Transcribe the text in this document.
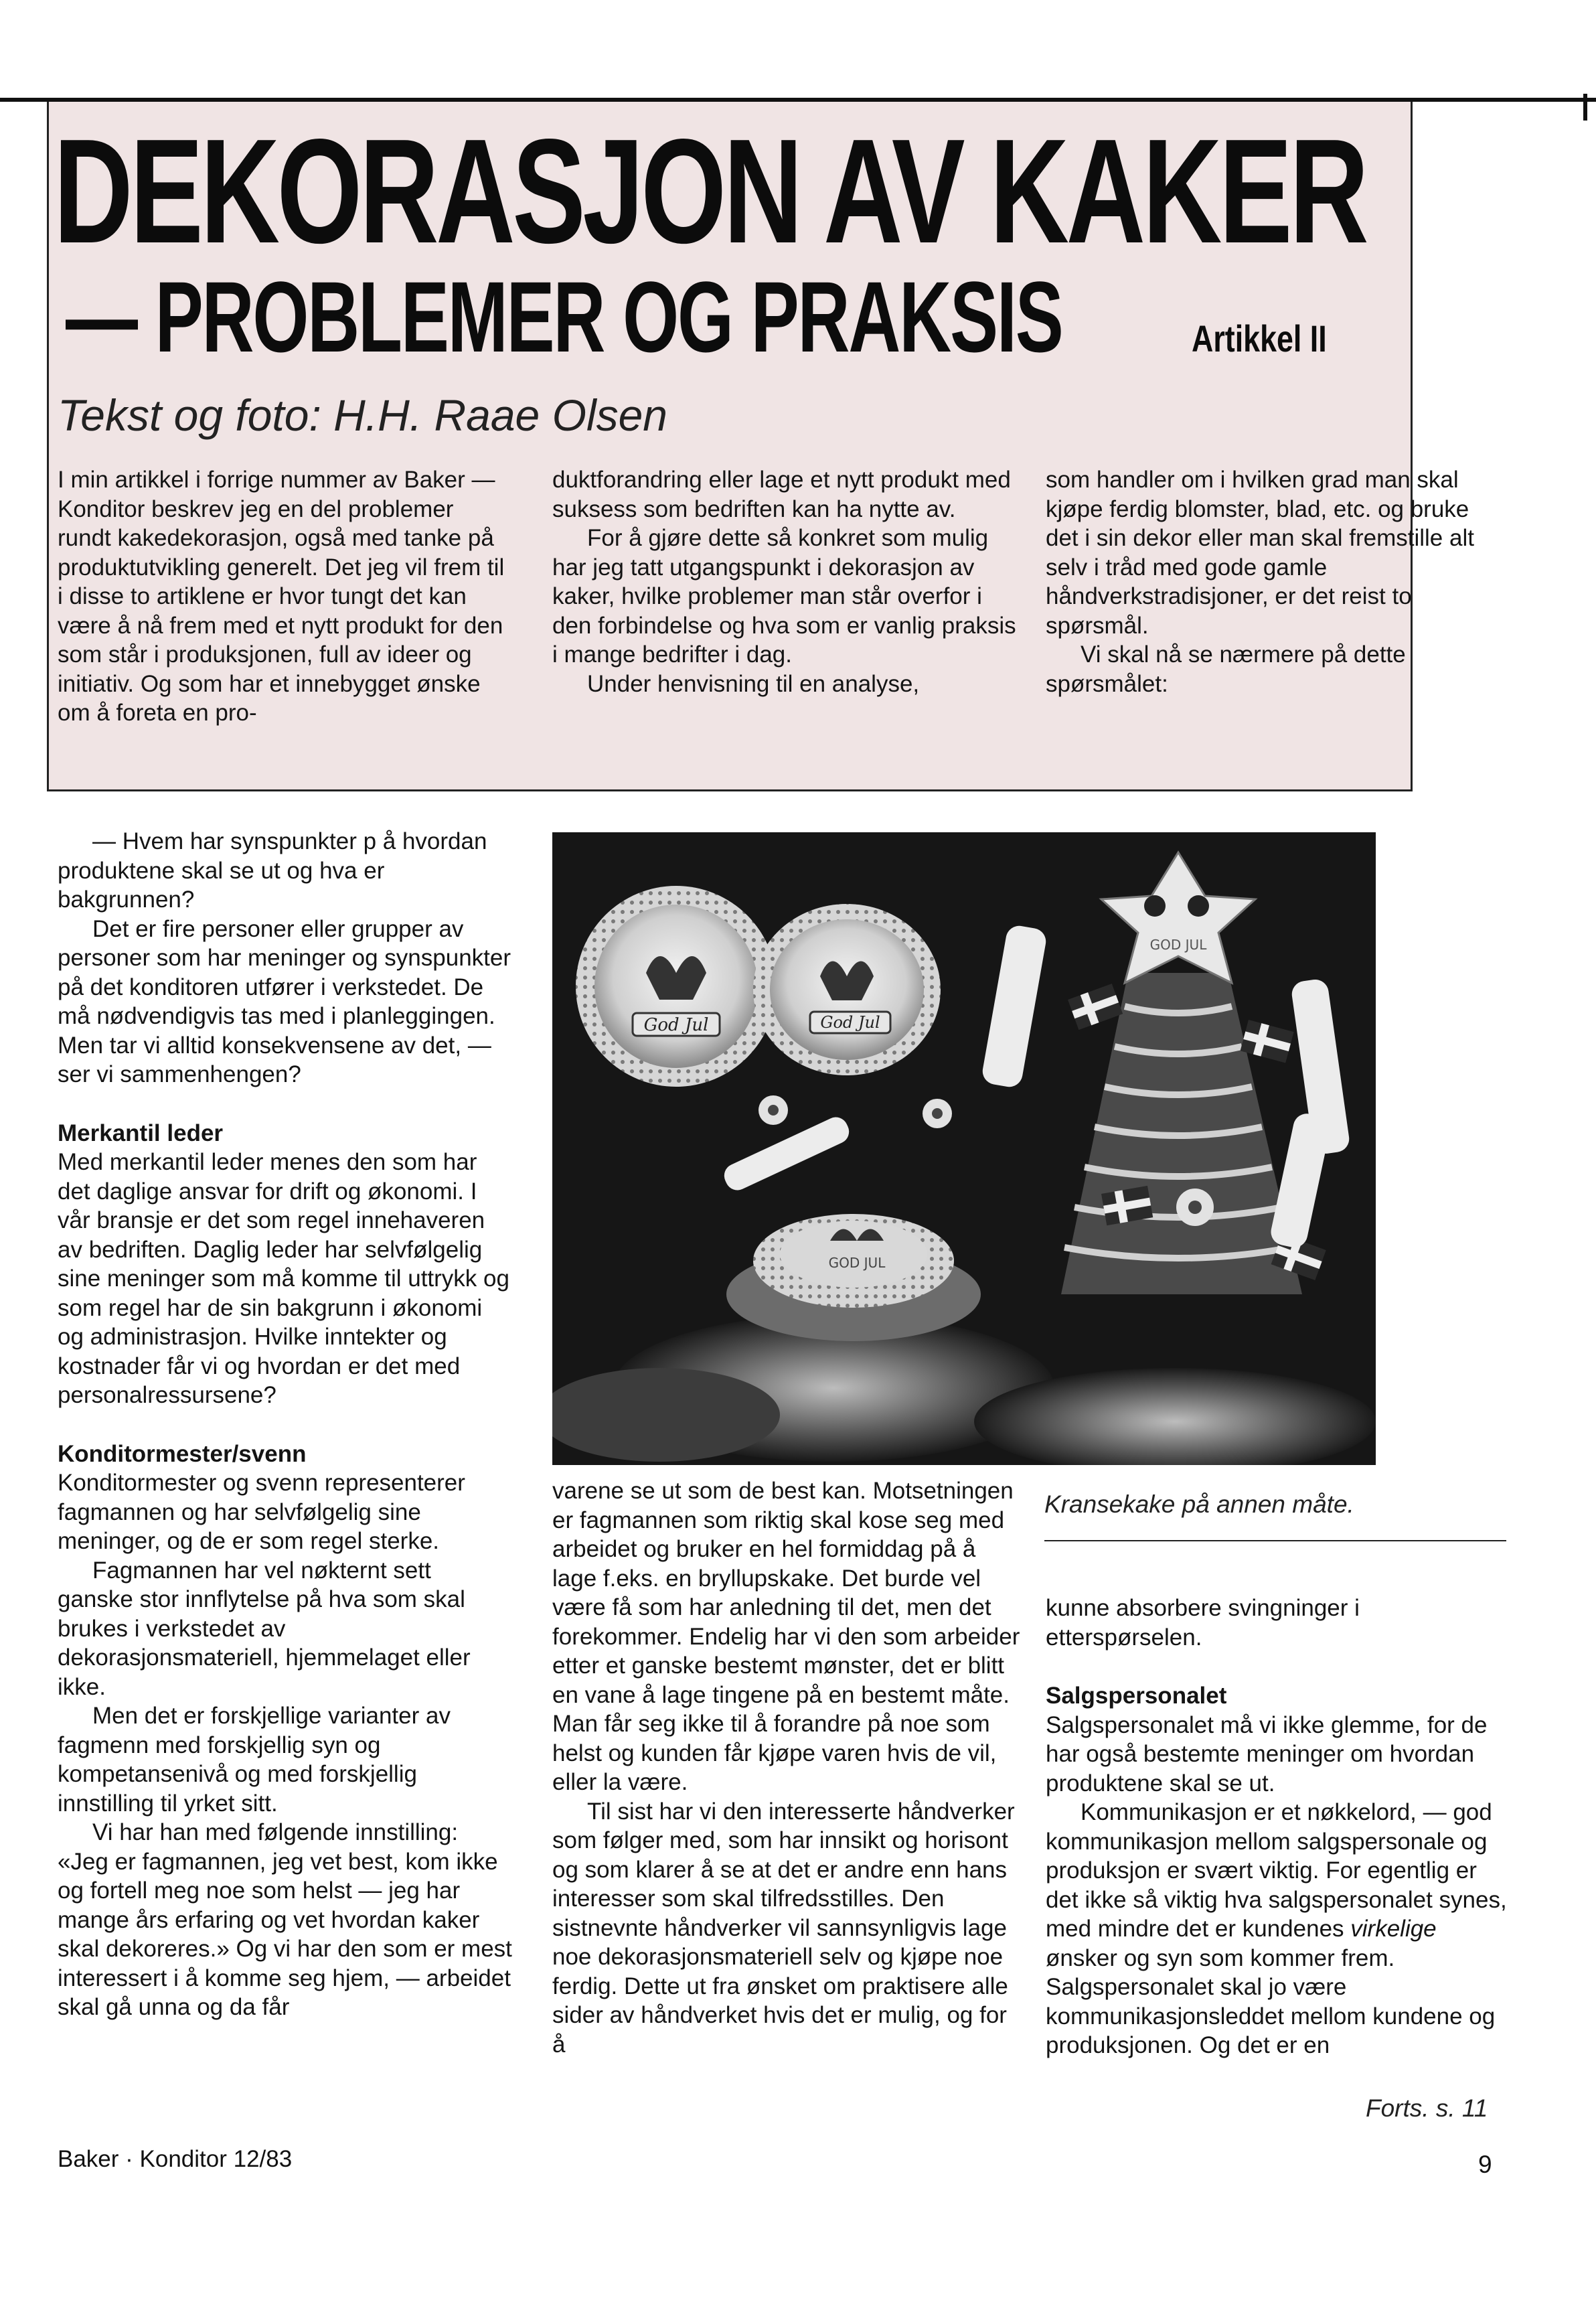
DEKORASJON AV KAKER
— PROBLEMER OG PRAKSIS	Artikkel II
Tekst og foto: H.H. Raae Olsen

I min artikkel i forrige nummer av Baker — Konditor beskrev jeg en del problemer rundt kakedekorasjon, også med tanke på produktutvikling generelt. Det jeg vil frem til i disse to artiklene er hvor tungt det kan være å nå frem med et nytt produkt for den som står i produksjonen, full av ideer og initiativ. Og som har et innebygget ønske om å foreta en pro-

duktforandring eller lage et nytt produkt med suksess som bedriften kan ha nytte av.

For å gjøre dette så konkret som mulig har jeg tatt utgangspunkt i dekorasjon av kaker, hvilke problemer man står overfor i den forbindelse og hva som er vanlig praksis i mange bedrifter i dag.

Under henvisning til en analyse,

som handler om i hvilken grad man skal kjøpe ferdig blomster, blad, etc. og bruke det i sin dekor eller man skal fremstille alt selv i tråd med gode gamle håndverkstradisjoner, er det reist to spørsmål.

Vi skal nå se nærmere på dette spørsmålet:

— Hvem har synspunkter p å hvordan produktene skal se ut og hva er bakgrunnen?

Det er fire personer eller grupper av personer som har meninger og synspunkter på det konditoren utfører i verkstedet. De må nødvendigvis tas med i planleggingen. Men tar vi alltid konsekvensene av det, — ser vi sammenhengen?

Merkantil leder

Med merkantil leder menes den som har det daglige ansvar for drift og økonomi. I vår bransje er det som regel innehaveren av bedriften. Daglig leder har selvfølgelig sine meninger som må komme til uttrykk og som regel har de sin bakgrunn i økonomi og administrasjon. Hvilke inntekter og kostnader får vi og hvordan er det med personalressursene?

Konditormester/svenn

Konditormester og svenn representerer fagmannen og har selvfølgelig sine meninger, og de er som regel sterke.

Fagmannen har vel nøkternt sett ganske stor innflytelse på hva som skal brukes i verkstedet av dekorasjonsmateriell, hjemmelaget eller ikke.

Men det er forskjellige varianter av fagmenn med forskjellig syn og kompetansenivå og med forskjellig innstilling til yrket sitt.

Vi har han med følgende innstilling: «Jeg er fagmannen, jeg vet best, kom ikke og fortell meg noe som helst — jeg har mange års erfaring og vet hvordan kaker skal dekoreres.» Og vi har den som er mest interessert i å komme seg hjem, — arbeidet skal gå unna og da får

God Jul	God Jul
GOD JUL
GOD JUL

varene se ut som de best kan. Motsetningen er fagmannen som riktig skal kose seg med arbeidet og bruker en hel formiddag på å lage f.eks. en bryllupskake. Det burde vel være få som har anledning til det, men det forekommer. Endelig har vi den som arbeider etter et ganske bestemt mønster, det er blitt en vane å lage tingene på en bestemt måte. Man får seg ikke til å forandre på noe som helst og kunden får kjøpe varen hvis de vil, eller la være.

Til sist har vi den interesserte håndverker som følger med, som har innsikt og horisont og som klarer å se at det er andre enn hans interesser som skal tilfredsstilles. Den sistnevnte håndverker vil sannsynligvis lage noe dekorasjonsmateriell selv og kjøpe noe ferdig. Dette ut fra ønsket om praktisere alle sider av håndverket hvis det er mulig, og for å

Kransekake på annen måte.

kunne absorbere svingninger i etterspørselen.

Salgspersonalet

Salgspersonalet må vi ikke glemme, for de har også bestemte meninger om hvordan produktene skal se ut.

Kommunikasjon er et nøkkelord, — god kommunikasjon mellom salgspersonale og produksjon er svært viktig. For egentlig er det ikke så viktig hva salgspersonalet synes, med mindre det er kundenes virkelige ønsker og syn som kommer frem. Salgspersonalet skal jo være kommunikasjonsleddet mellom kundene og produksjonen. Og det er en

Forts. s. 11
Baker · Konditor 12/83	9
